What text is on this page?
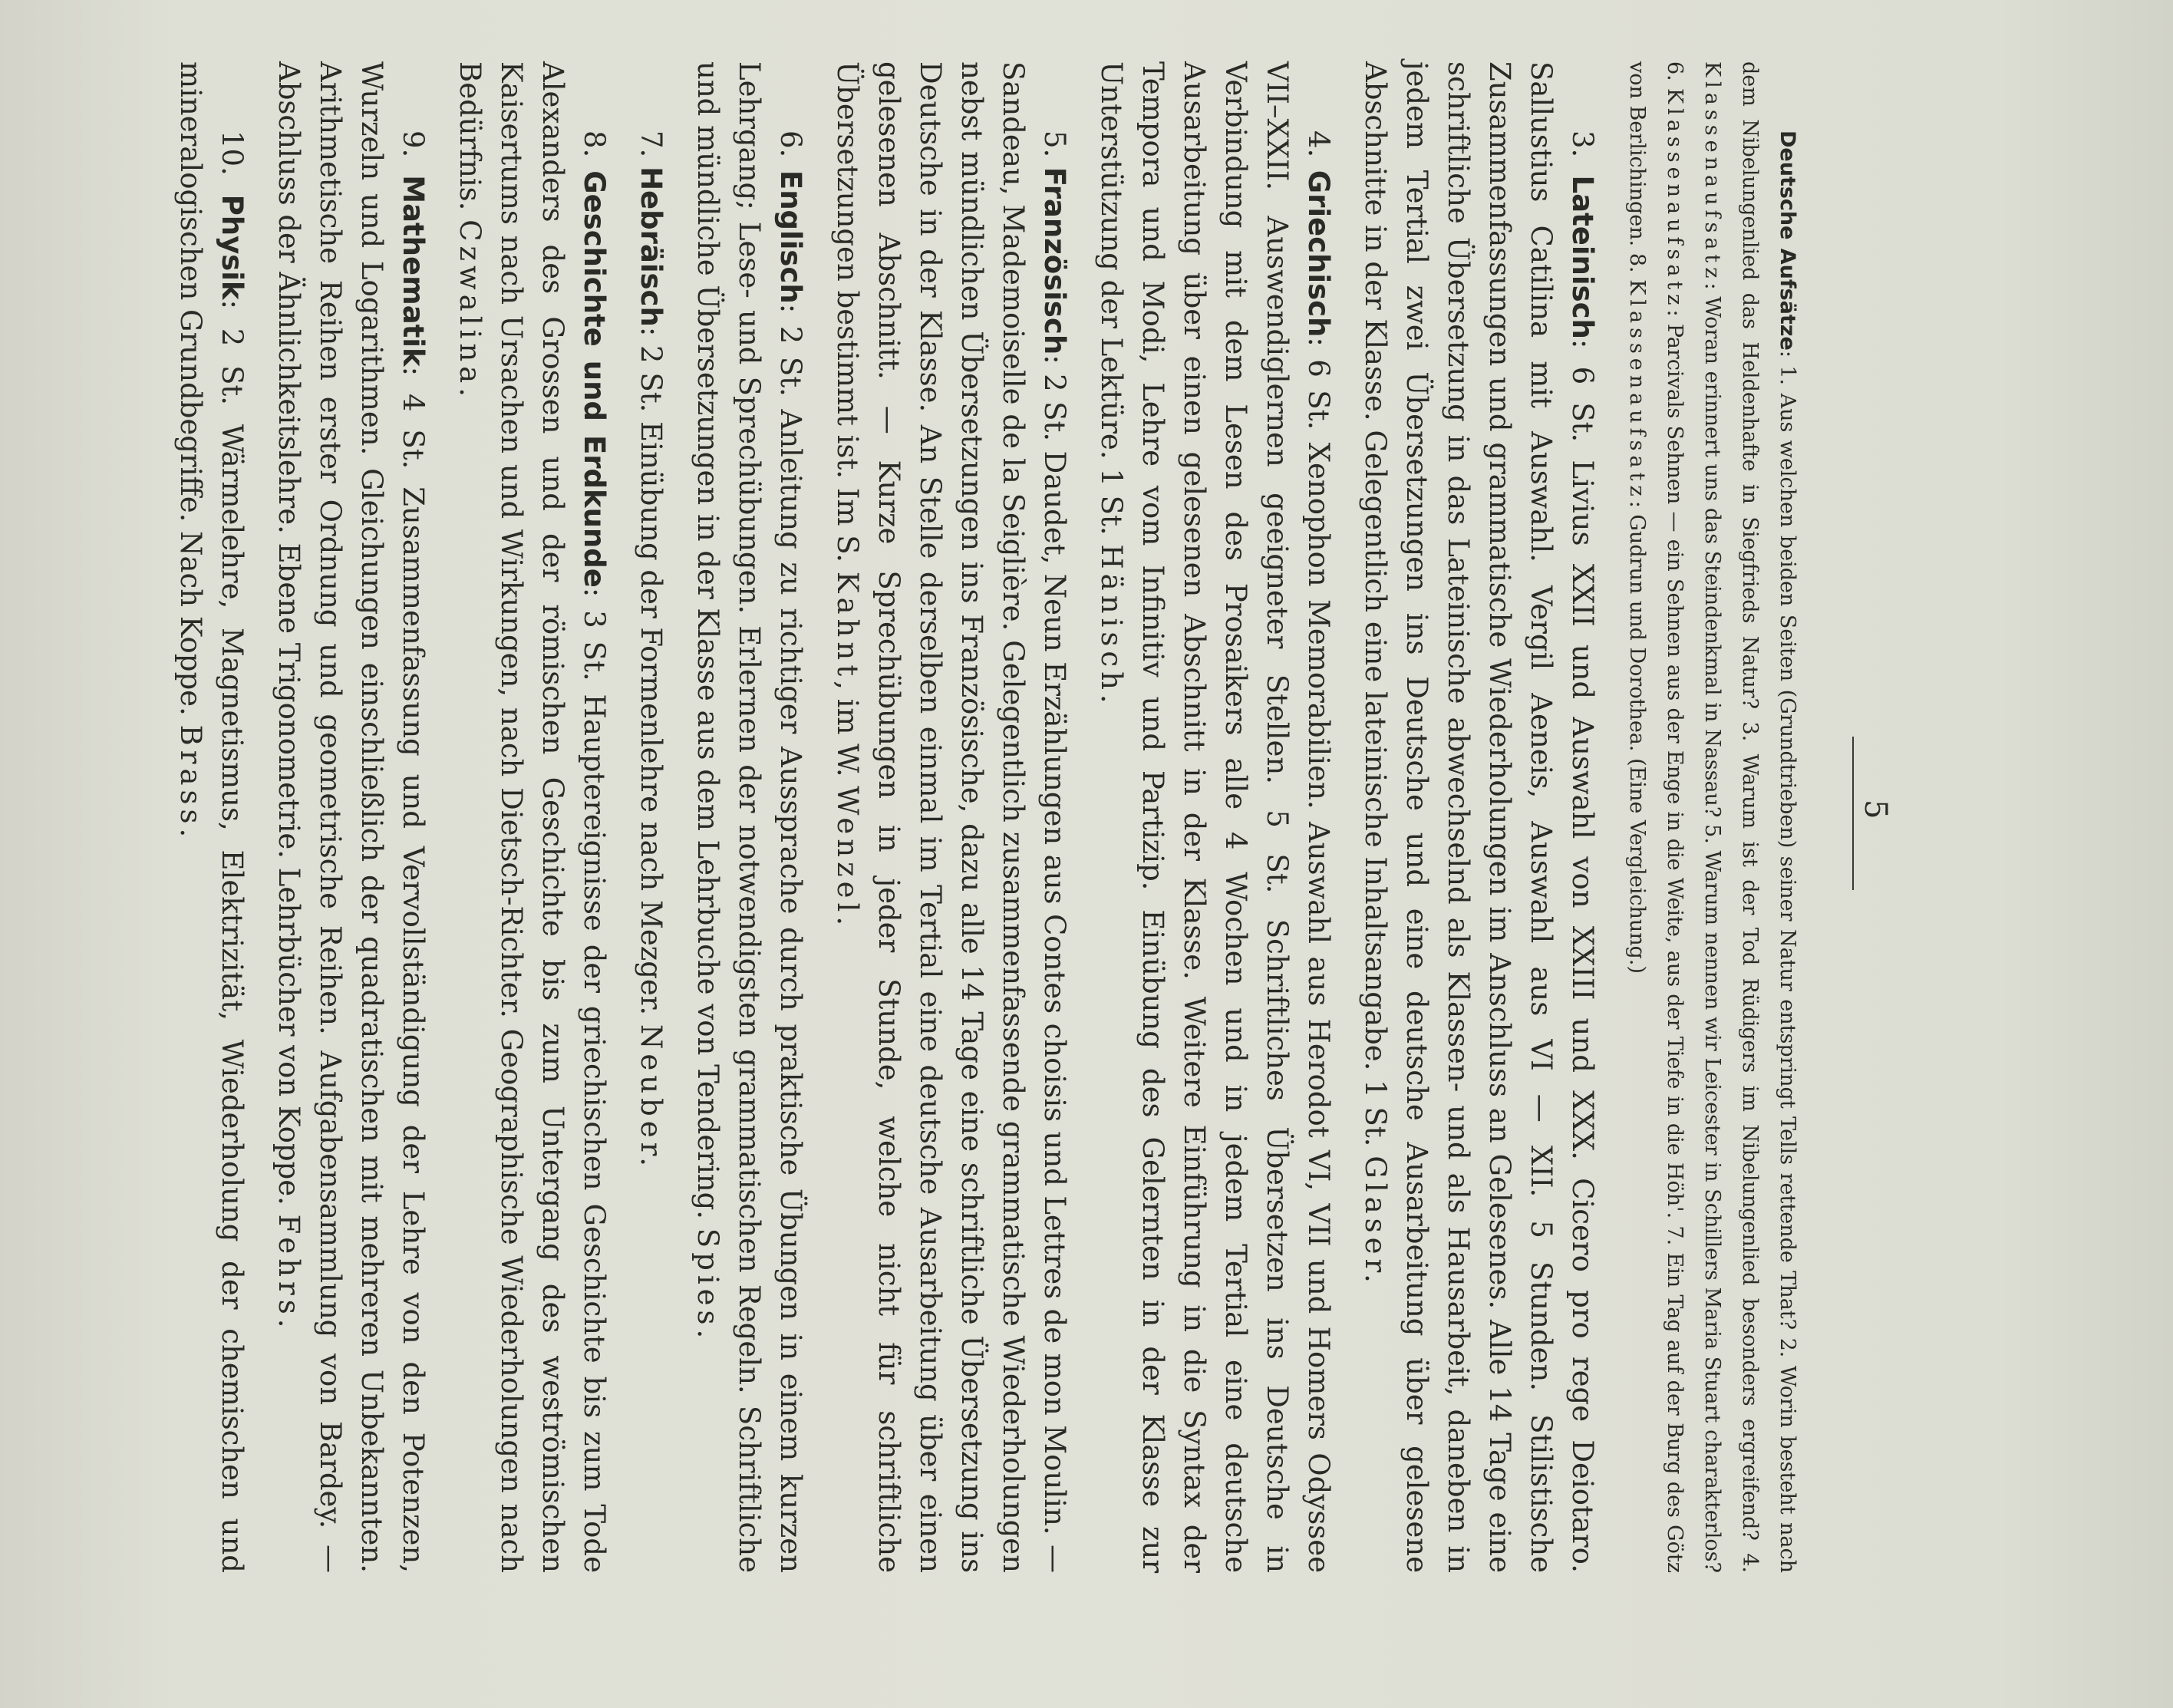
5

Deutsche Aufsätze: 1. Aus welchen beiden Seiten (Grundtrieben) seiner Natur entspringt Tells rettende That? 2. Worin besteht nach dem Nibelungenlied das Heldenhafte in Siegfrieds Natur? 3. Warum ist der Tod Rüdigers im Nibelungenlied besonders ergreifend? 4. Klassenaufsatz: Woran erinnert uns das Steindenkmal in Nassau? 5. Warum nennen wir Leicester in Schillers Maria Stuart charakterlos? 6. Klassenaufsatz: Parcivals Sehnen — ein Sehnen aus der Enge in die Weite, aus der Tiefe in die Höh'. 7. Ein Tag auf der Burg des Götz von Berlichingen. 8. Klassenaufsatz: Gudrun und Dorothea. (Eine Vergleichung.)

3. Lateinisch: 6 St. Livius XXII und Auswahl von XXIII und XXX. Cicero pro rege Deiotaro. Sallustius Catilina mit Auswahl. Vergil Aeneis, Auswahl aus VI — XII. 5 Stunden. Stilistische Zusammenfassungen und grammatische Wiederholungen im Anschluss an Gelesenes. Alle 14 Tage eine schriftliche Übersetzung in das Lateinische abwechselnd als Klassen- und als Hausarbeit, daneben in jedem Tertial zwei Übersetzungen ins Deutsche und eine deutsche Ausarbeitung über gelesene Abschnitte in der Klasse. Gelegentlich eine lateinische Inhaltsangabe. 1 St. Glaser.

4. Griechisch: 6 St. Xenophon Memorabilien. Auswahl aus Herodot VI, VII und Homers Odyssee VII–XXII. Auswendiglernen geeigneter Stellen. 5 St. Schriftliches Übersetzen ins Deutsche in Verbindung mit dem Lesen des Prosaikers alle 4 Wochen und in jedem Tertial eine deutsche Ausarbeitung über einen gelesenen Abschnitt in der Klasse. Weitere Einführung in die Syntax der Tempora und Modi, Lehre vom Infinitiv und Partizip. Einübung des Gelernten in der Klasse zur Unterstützung der Lektüre. 1 St. Hänisch.

5. Französisch: 2 St. Daudet, Neun Erzählungen aus Contes choisis und Lettres de mon Moulin. — Sandeau, Mademoiselle de la Seiglière. Gelegentlich zusammenfassende grammatische Wiederholungen nebst mündlichen Übersetzungen ins Französische, dazu alle 14 Tage eine schriftliche Übersetzung ins Deutsche in der Klasse. An Stelle derselben einmal im Tertial eine deutsche Ausarbeitung über einen gelesenen Abschnitt. — Kurze Sprechübungen in jeder Stunde, welche nicht für schriftliche Übersetzungen bestimmt ist. Im S. Kahnt, im W. Wenzel.

6. Englisch: 2 St. Anleitung zu richtiger Aussprache durch praktische Übungen in einem kurzen Lehrgang; Lese- und Sprechübungen. Erlernen der notwendigsten grammatischen Regeln. Schriftliche und mündliche Übersetzungen in der Klasse aus dem Lehrbuche von Tendering. Spies.

7. Hebräisch: 2 St. Einübung der Formenlehre nach Mezger. Neuber.

8. Geschichte und Erdkunde: 3 St. Hauptereignisse der griechischen Geschichte bis zum Tode Alexanders des Grossen und der römischen Geschichte bis zum Untergang des weströmischen Kaisertums nach Ursachen und Wirkungen, nach Dietsch-Richter. Geographische Wiederholungen nach Bedürfnis. Czwalina.

9. Mathematik: 4 St. Zusammenfassung und Vervollständigung der Lehre von den Potenzen, Wurzeln und Logarithmen. Gleichungen einschließlich der quadratischen mit mehreren Unbekannten. Arithmetische Reihen erster Ordnung und geometrische Reihen. Aufgabensammlung von Bardey. — Abschluss der Ähnlichkeitslehre. Ebene Trigonometrie. Lehrbücher von Koppe. Fehrs.

10. Physik: 2 St. Wärmelehre, Magnetismus, Elektrizität, Wiederholung der chemischen und mineralogischen Grundbegriffe. Nach Koppe. Brass.
